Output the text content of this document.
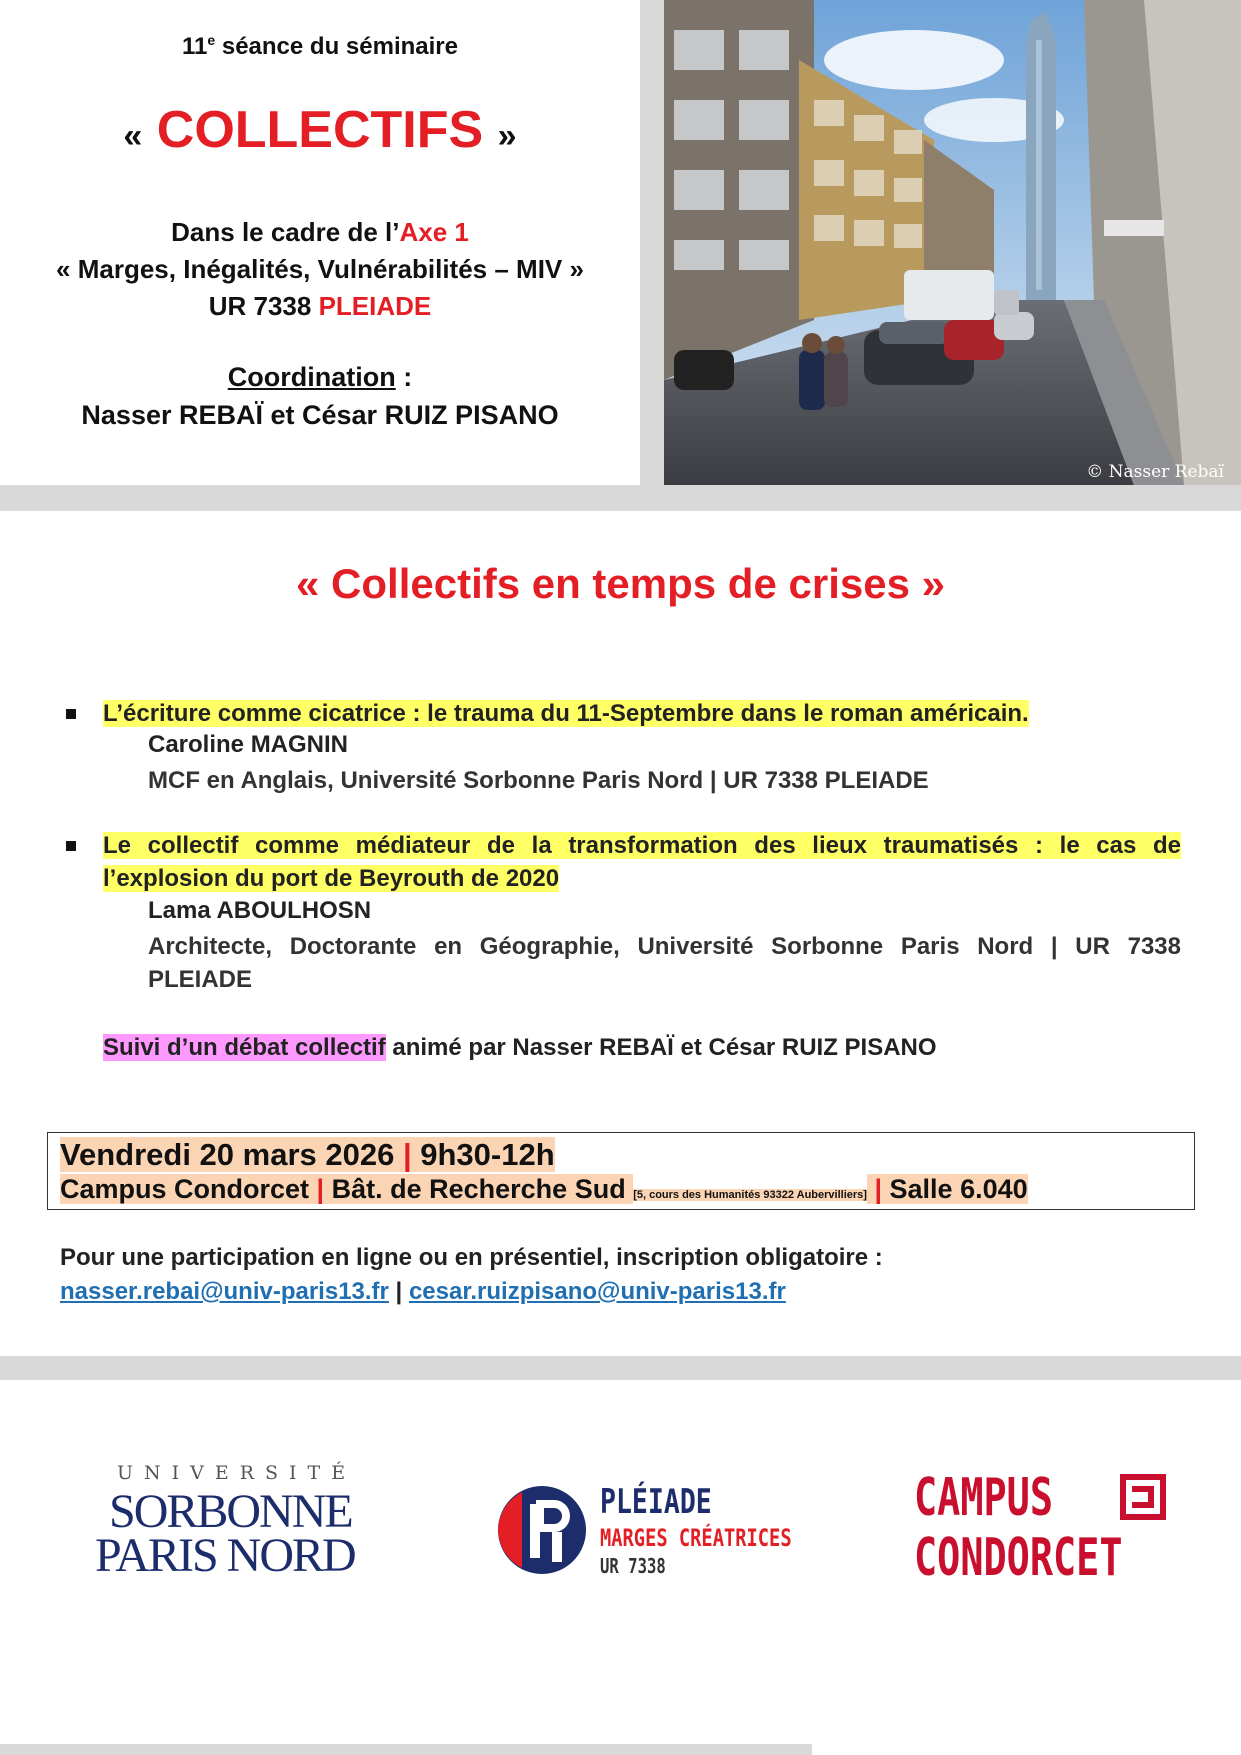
11e séance du séminaire
« COLLECTIFS »
Dans le cadre de l’Axe 1
« Marges, Inégalités, Vulnérabilités – MIV »
UR 7338 PLEIADE
Coordination :
Nasser REBAÏ et César RUIZ PISANO
© Nasser Rebaï
« Collectifs en temps de crises »
L’écriture comme cicatrice : le trauma du 11-Septembre dans le roman américain.
Caroline MAGNIN
MCF en Anglais, Université Sorbonne Paris Nord | UR 7338 PLEIADE
Le collectif comme médiateur de la transformation des lieux traumatisés : le cas de l’explosion du port de Beyrouth de 2020
Lama ABOULHOSN
Architecte, Doctorante en Géographie, Université Sorbonne Paris Nord | UR 7338 PLEIADE
Suivi d’un débat collectif animé par Nasser REBAÏ et César RUIZ PISANO
Vendredi 20 mars 2026 | 9h30-12h
Campus Condorcet | Bât. de Recherche Sud [5, cours des Humanités 93322 Aubervilliers] | Salle 6.040
Pour une participation en ligne ou en présentiel, inscription obligatoire :
nasser.rebai@univ-paris13.fr | cesar.ruizpisano@univ-paris13.fr
UNIVERSITÉ
SORBONNE
PARIS NORD
PLÉIADE
MARGES CRÉATRICES
UR 7338
CAMPUS
CONDORCET
